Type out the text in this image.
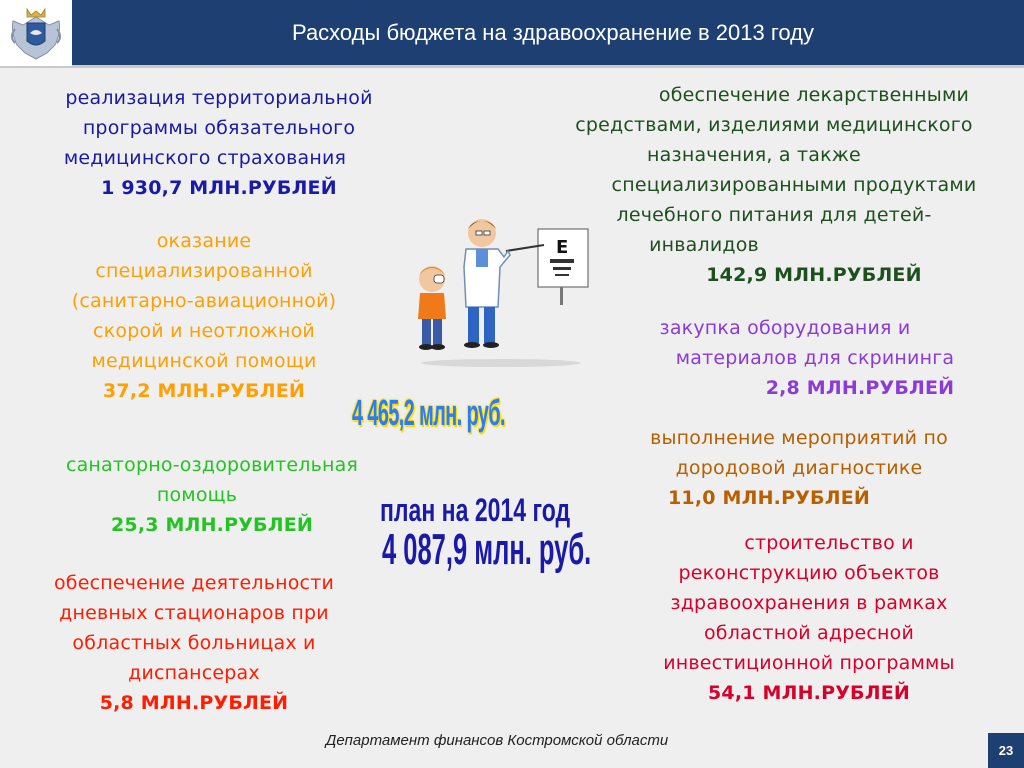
Расходы бюджета на здравоохранение в 2013 году
реализация территориальной
программы обязательного
медицинского страхования
1 930,7 МЛН.РУБЛЕЙ
оказание
специализированной
(санитарно-авиационной)
скорой и неотложной
медицинской помощи
37,2 МЛН.РУБЛЕЙ
санаторно-оздоровительная
помощь
25,3 МЛН.РУБЛЕЙ
обеспечение деятельности
дневных стационаров при
областных больницах и
диспансерах
5,8 МЛН.РУБЛЕЙ
обеспечение лекарственными
средствами, изделиями медицинского
назначения, а также
специализированными продуктами
лечебного питания для детей-
инвалидов
142,9 МЛН.РУБЛЕЙ
закупка оборудования и
материалов для скрининга
2,8 МЛН.РУБЛЕЙ
выполнение мероприятий по
дородовой диагностике
11,0 МЛН.РУБЛЕЙ
строительство и
реконструкцию объектов
здравоохранения в рамках
областной адресной
инвестиционной программы
54,1 МЛН.РУБЛЕЙ
E
4 465,2 млн. руб.
план на 2014 год
4 087,9 млн. руб.
Департамент финансов Костромской области
23
